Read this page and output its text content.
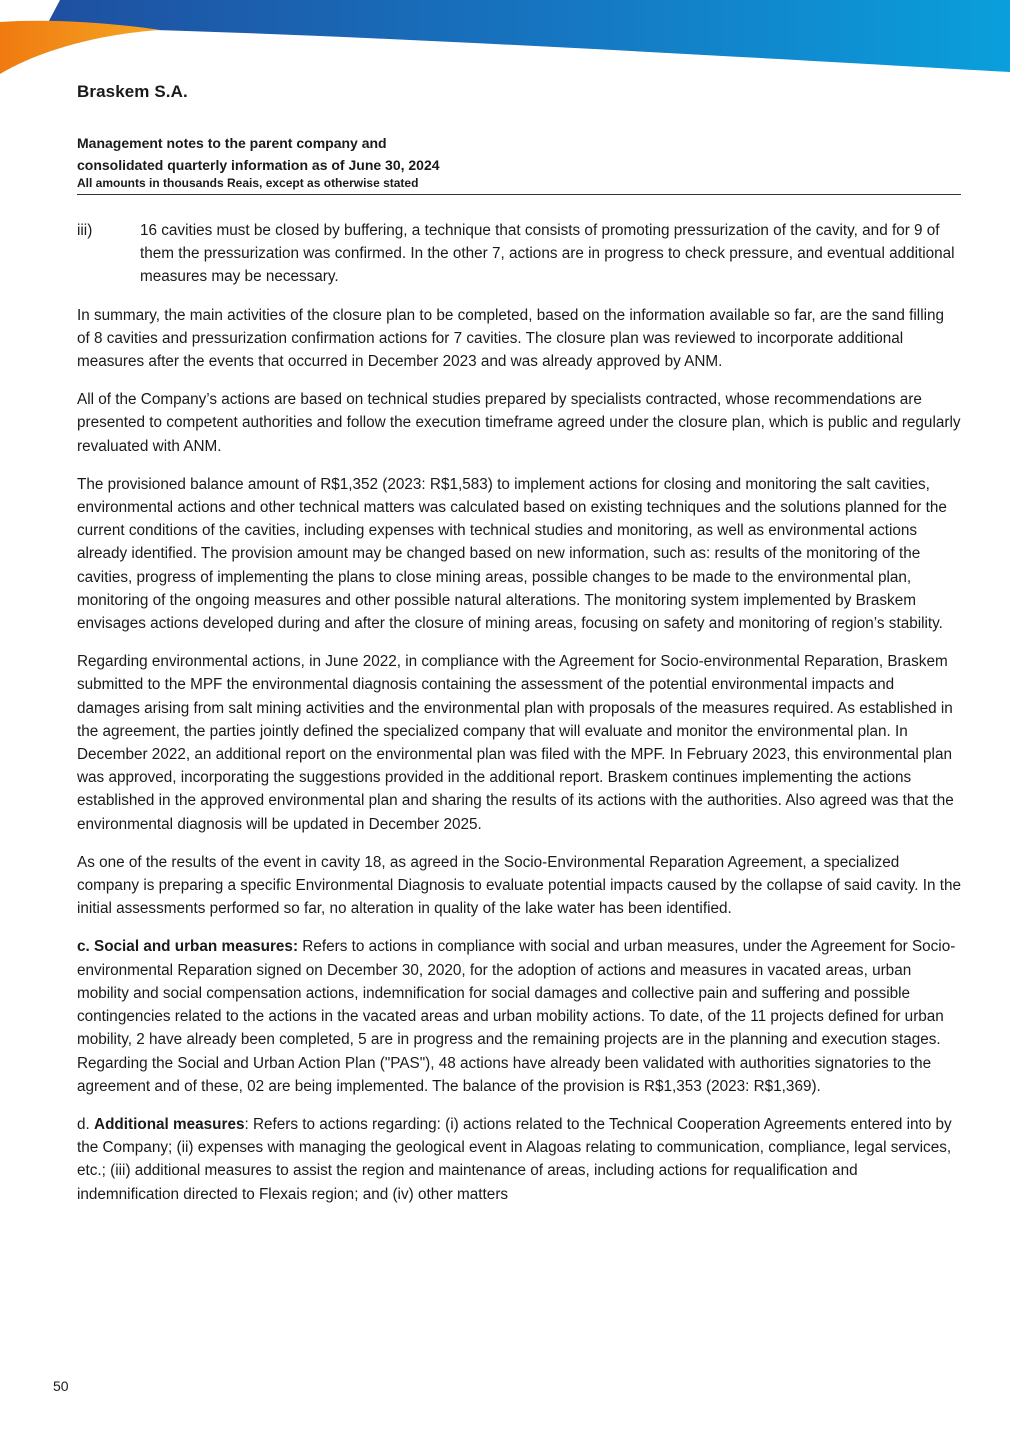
Braskem S.A.
Management notes to the parent company and
consolidated quarterly information as of June 30, 2024
All amounts in thousands Reais, except as otherwise stated
iii)	16 cavities must be closed by buffering, a technique that consists of promoting pressurization of the cavity, and for 9 of them the pressurization was confirmed. In the other 7, actions are in progress to check pressure, and eventual additional measures may be necessary.

In summary, the main activities of the closure plan to be completed, based on the information available so far, are the sand filling of 8 cavities and pressurization confirmation actions for 7 cavities. The closure plan was reviewed to incorporate additional measures after the events that occurred in December 2023 and was already approved by ANM.

All of the Company’s actions are based on technical studies prepared by specialists contracted, whose recommendations are presented to competent authorities and follow the execution timeframe agreed under the closure plan, which is public and regularly revaluated with ANM.

The provisioned balance amount of R$1,352 (2023: R$1,583) to implement actions for closing and monitoring the salt cavities, environmental actions and other technical matters was calculated based on existing techniques and the solutions planned for the current conditions of the cavities, including expenses with technical studies and monitoring, as well as environmental actions already identified. The provision amount may be changed based on new information, such as: results of the monitoring of the cavities, progress of implementing the plans to close mining areas, possible changes to be made to the environmental plan, monitoring of the ongoing measures and other possible natural alterations. The monitoring system implemented by Braskem envisages actions developed during and after the closure of mining areas, focusing on safety and monitoring of region’s stability.

Regarding environmental actions, in June 2022, in compliance with the Agreement for Socio-environmental Reparation, Braskem submitted to the MPF the environmental diagnosis containing the assessment of the potential environmental impacts and damages arising from salt mining activities and the environmental plan with proposals of the measures required. As established in the agreement, the parties jointly defined the specialized company that will evaluate and monitor the environmental plan. In December 2022, an additional report on the environmental plan was filed with the MPF. In February 2023, this environmental plan was approved, incorporating the suggestions provided in the additional report. Braskem continues implementing the actions established in the approved environmental plan and sharing the results of its actions with the authorities. Also agreed was that the environmental diagnosis will be updated in December 2025.

As one of the results of the event in cavity 18, as agreed in the Socio-Environmental Reparation Agreement, a specialized company is preparing a specific Environmental Diagnosis to evaluate potential impacts caused by the collapse of said cavity. In the initial assessments performed so far, no alteration in quality of the lake water has been identified.

c. Social and urban measures: Refers to actions in compliance with social and urban measures, under the Agreement for Socio-environmental Reparation signed on December 30, 2020, for the adoption of actions and measures in vacated areas, urban mobility and social compensation actions, indemnification for social damages and collective pain and suffering and possible contingencies related to the actions in the vacated areas and urban mobility actions. To date, of the 11 projects defined for urban mobility, 2 have already been completed, 5 are in progress and the remaining projects are in the planning and execution stages. Regarding the Social and Urban Action Plan ("PAS"), 48 actions have already been validated with authorities signatories to the agreement and of these, 02 are being implemented. The balance of the provision is R$1,353 (2023: R$1,369).

d. Additional measures: Refers to actions regarding: (i) actions related to the Technical Cooperation Agreements entered into by the Company; (ii) expenses with managing the geological event in Alagoas relating to communication, compliance, legal services, etc.; (iii) additional measures to assist the region and maintenance of areas, including actions for requalification and indemnification directed to Flexais region; and (iv) other matters

50
